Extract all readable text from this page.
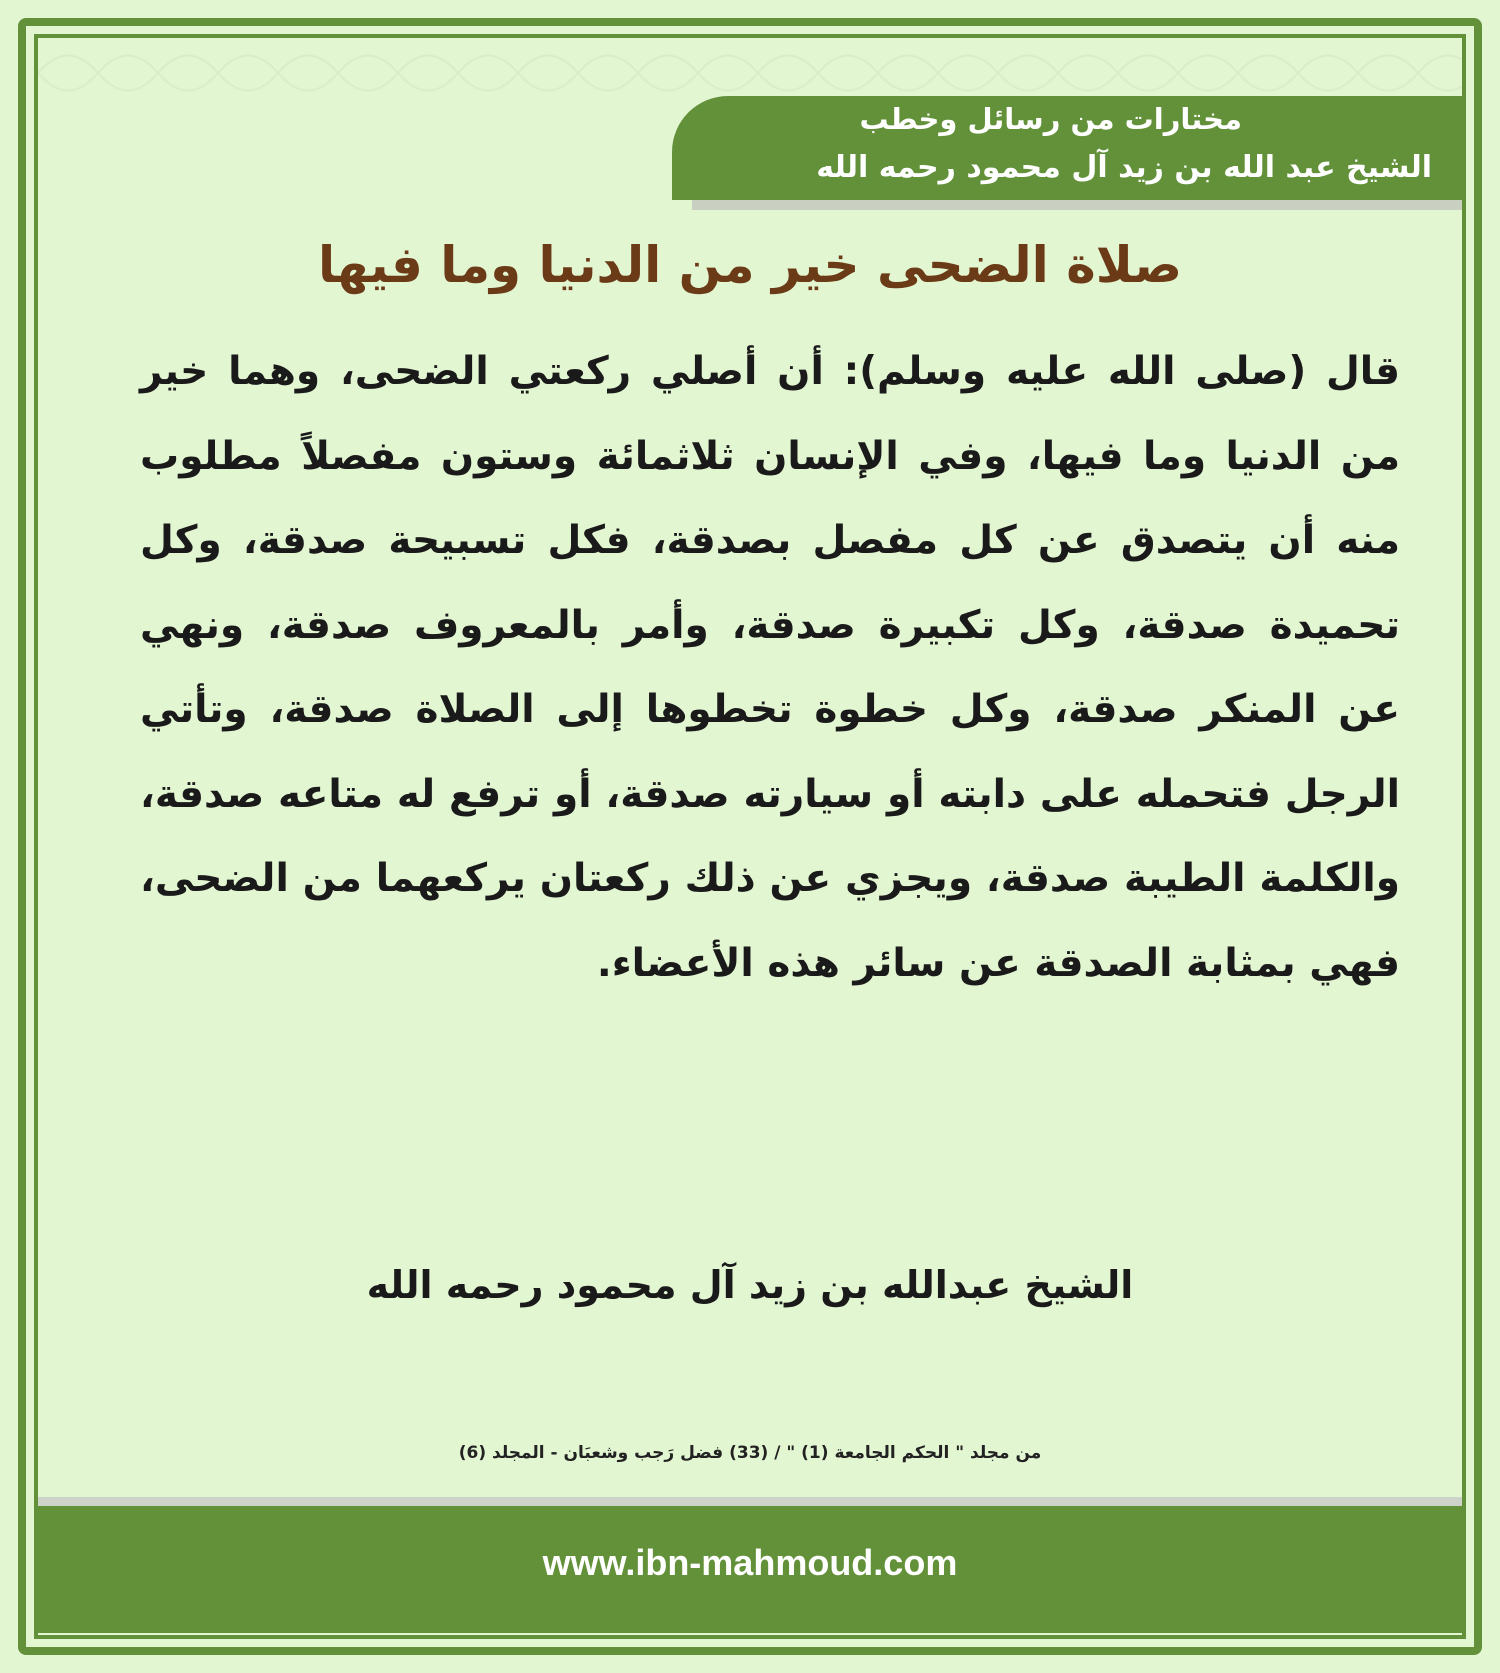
مختارات من رسائل وخطب
الشيخ عبد الله بن زيد آل محمود رحمه الله
صلاة الضحى خير من الدنيا وما فيها
قال (صلى الله عليه وسلم): أن أصلي ركعتي الضحى، وهما خير من الدنيا وما فيها، وفي الإنسان ثلاثمائة وستون مفصلاً مطلوب منه أن يتصدق عن كل مفصل بصدقة، فكل تسبيحة صدقة، وكل تحميدة صدقة، وكل تكبيرة صدقة، وأمر بالمعروف صدقة، ونهي عن المنكر صدقة، وكل خطوة تخطوها إلى الصلاة صدقة، وتأتي الرجل فتحمله على دابته أو سيارته صدقة، أو ترفع له متاعه صدقة، والكلمة الطيبة صدقة، ويجزي عن ذلك ركعتان يركعهما من الضحى، فهي بمثابة الصدقة عن سائر هذه الأعضاء.
الشيخ عبدالله بن زيد آل محمود رحمه الله
من مجلد " الحكم الجامعة (1) " / (33) فضل رَجب وشعبَان - المجلد (6)
www.ibn-mahmoud.com
